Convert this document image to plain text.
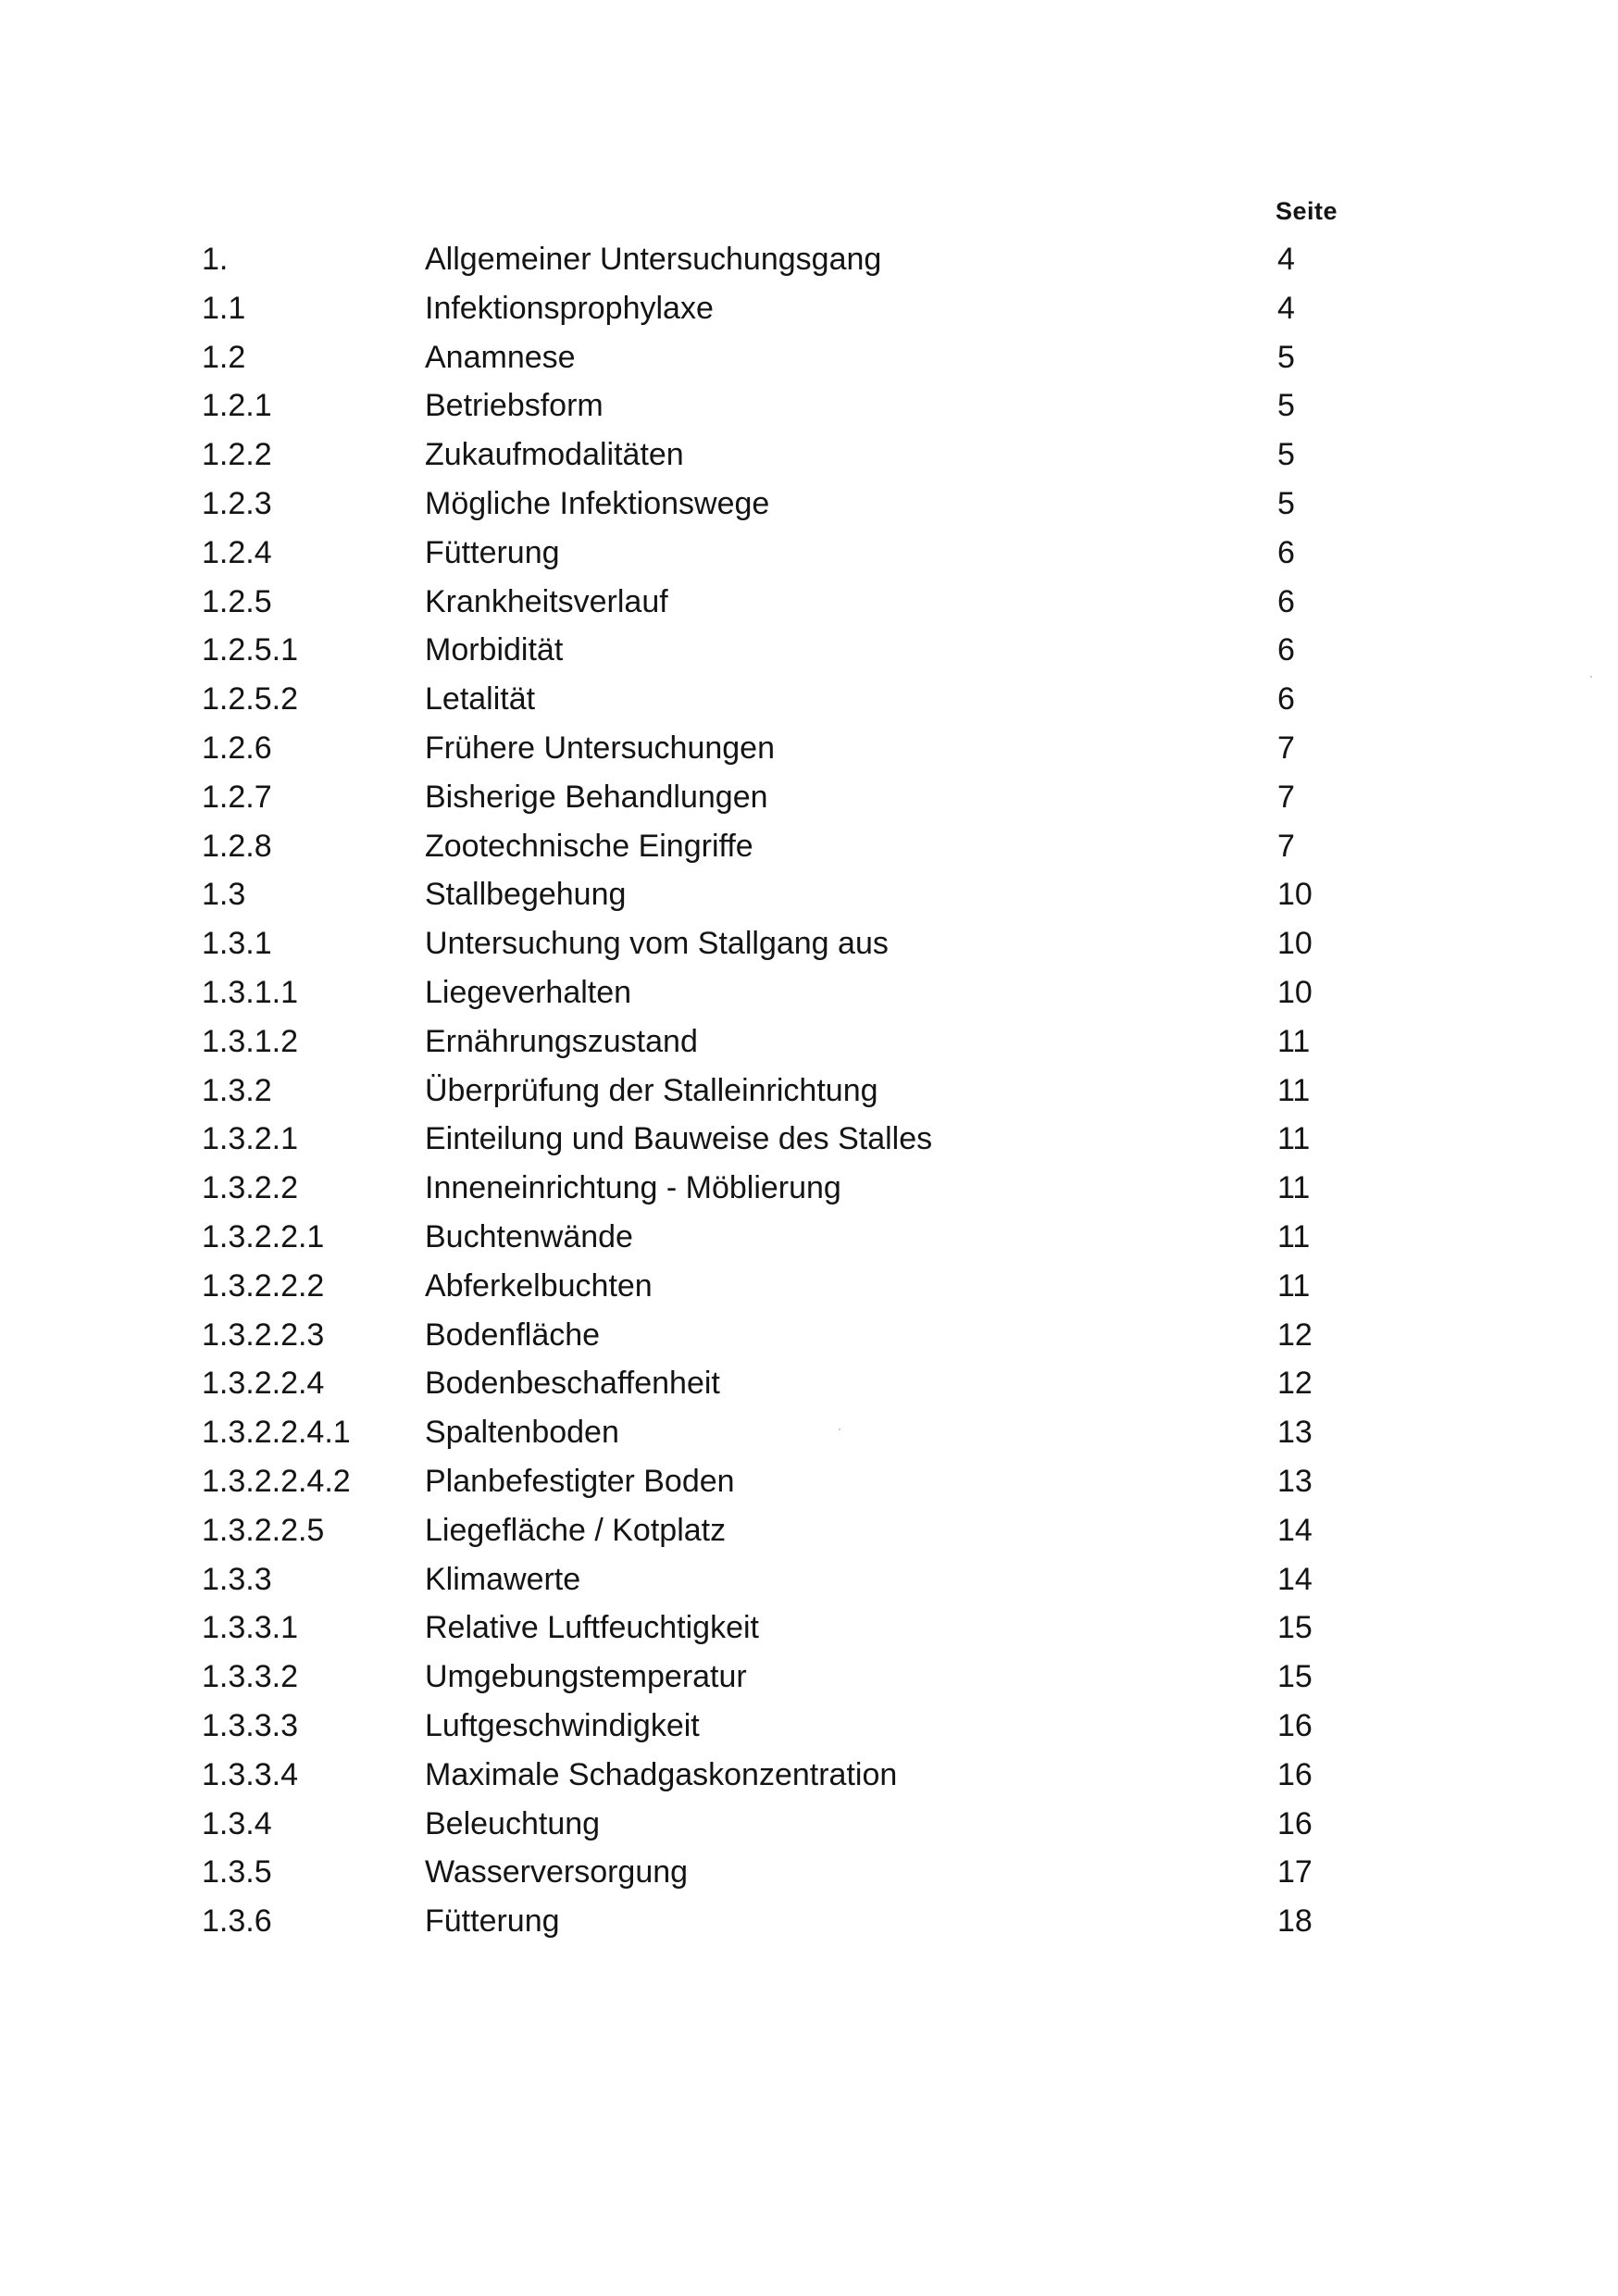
Seite
1.	Allgemeiner Untersuchungsgang	4
1.1	Infektionsprophylaxe	4
1.2	Anamnese	5
1.2.1	Betriebsform	5
1.2.2	Zukaufmodalitäten	5
1.2.3	Mögliche Infektionswege	5
1.2.4	Fütterung	6
1.2.5	Krankheitsverlauf	6
1.2.5.1	Morbidität	6
1.2.5.2	Letalität	6
1.2.6	Frühere Untersuchungen	7
1.2.7	Bisherige Behandlungen	7
1.2.8	Zootechnische Eingriffe	7
1.3	Stallbegehung	10
1.3.1	Untersuchung vom Stallgang aus	10
1.3.1.1	Liegeverhalten	10
1.3.1.2	Ernährungszustand	11
1.3.2	Überprüfung der Stalleinrichtung	11
1.3.2.1	Einteilung und Bauweise des Stalles	11
1.3.2.2	Inneneinrichtung - Möblierung	11
1.3.2.2.1	Buchtenwände	11
1.3.2.2.2	Abferkelbuchten	11
1.3.2.2.3	Bodenfläche	12
1.3.2.2.4	Bodenbeschaffenheit	12
1.3.2.2.4.1 Spaltenboden	13
1.3.2.2.4.2 Planbefestigter Boden	13
1.3.2.2.5	Liegefläche / Kotplatz	14
1.3.3	Klimawerte	14
1.3.3.1	Relative Luftfeuchtigkeit	15
1.3.3.2	Umgebungstemperatur	15
1.3.3.3	Luftgeschwindigkeit	16
1.3.3.4	Maximale Schadgaskonzentration	16
1.3.4	Beleuchtung	16
1.3.5	Wasserversorgung	17
1.3.6	Fütterung	18
